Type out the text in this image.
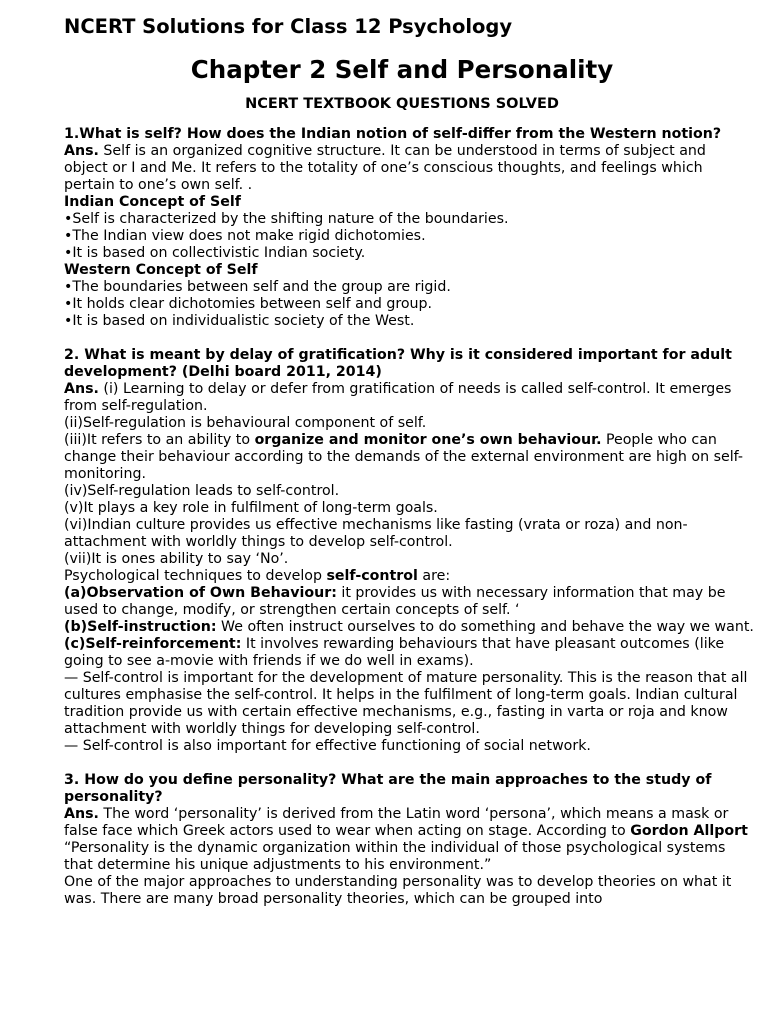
NCERT Solutions for Class 12 Psychology
Chapter 2 Self and Personality
NCERT TEXTBOOK QUESTIONS SOLVED

1.What is self? How does the Indian notion of self-differ from the Western notion?

Ans. Self is an organized cognitive structure. It can be understood in terms of subject and object or I and Me. It refers to the totality of one’s conscious thoughts, and feelings which pertain to one’s own self. .

Indian Concept of Self

•Self is characterized by the shifting nature of the boundaries.

•The Indian view does not make rigid dichotomies.

•It is based on collectivistic Indian society.

Western Concept of Self

•The boundaries between self and the group are rigid.

•It holds clear dichotomies between self and group.

•It is based on individualistic society of the West.

2. What is meant by delay of gratification? Why is it considered important for adult development? (Delhi board 2011, 2014)

Ans. (i) Learning to delay or defer from gratification of needs is called self-control. It emerges from self-regulation.

(ii)Self-regulation is behavioural component of self.

(iii)It refers to an ability to organize and monitor one’s own behaviour. People who can change their behaviour according to the demands of the external environment are high on self-monitoring.

(iv)Self-regulation leads to self-control.

(v)It plays a key role in fulfilment of long-term goals.

(vi)Indian culture provides us effective mechanisms like fasting (vrata or roza) and non-attachment with worldly things to develop self-control.

(vii)It is ones ability to say ‘No’.

Psychological techniques to develop self-control are:

(a)Observation of Own Behaviour: it provides us with necessary information that may be used to change, modify, or strengthen certain concepts of self. ‘

(b)Self-instruction: We often instruct ourselves to do something and behave the way we want.

(c)Self-reinforcement: It involves rewarding behaviours that have pleasant outcomes (like going to see a-movie with friends if we do well in exams).

— Self-control is important for the development of mature personality. This is the reason that all cultures emphasise the self-control. It helps in the fulfilment of long-term goals. Indian cultural tradition provide us with certain effective mechanisms, e.g., fasting in varta or roja and know attachment with worldly things for developing self-control.

— Self-control is also important for effective functioning of social network.

3. How do you define personality? What are the main approaches to the study of personality?

Ans. The word ‘personality’ is derived from the Latin word ‘persona’, which means a mask or false face which Greek actors used to wear when acting on stage. According to Gordon Allport “Personality is the dynamic organization within the individual of those psychological systems that determine his unique adjustments to his environment.”

One of the major approaches to understanding personality was to develop theories on what it was. There are many broad personality theories, which can be grouped into
